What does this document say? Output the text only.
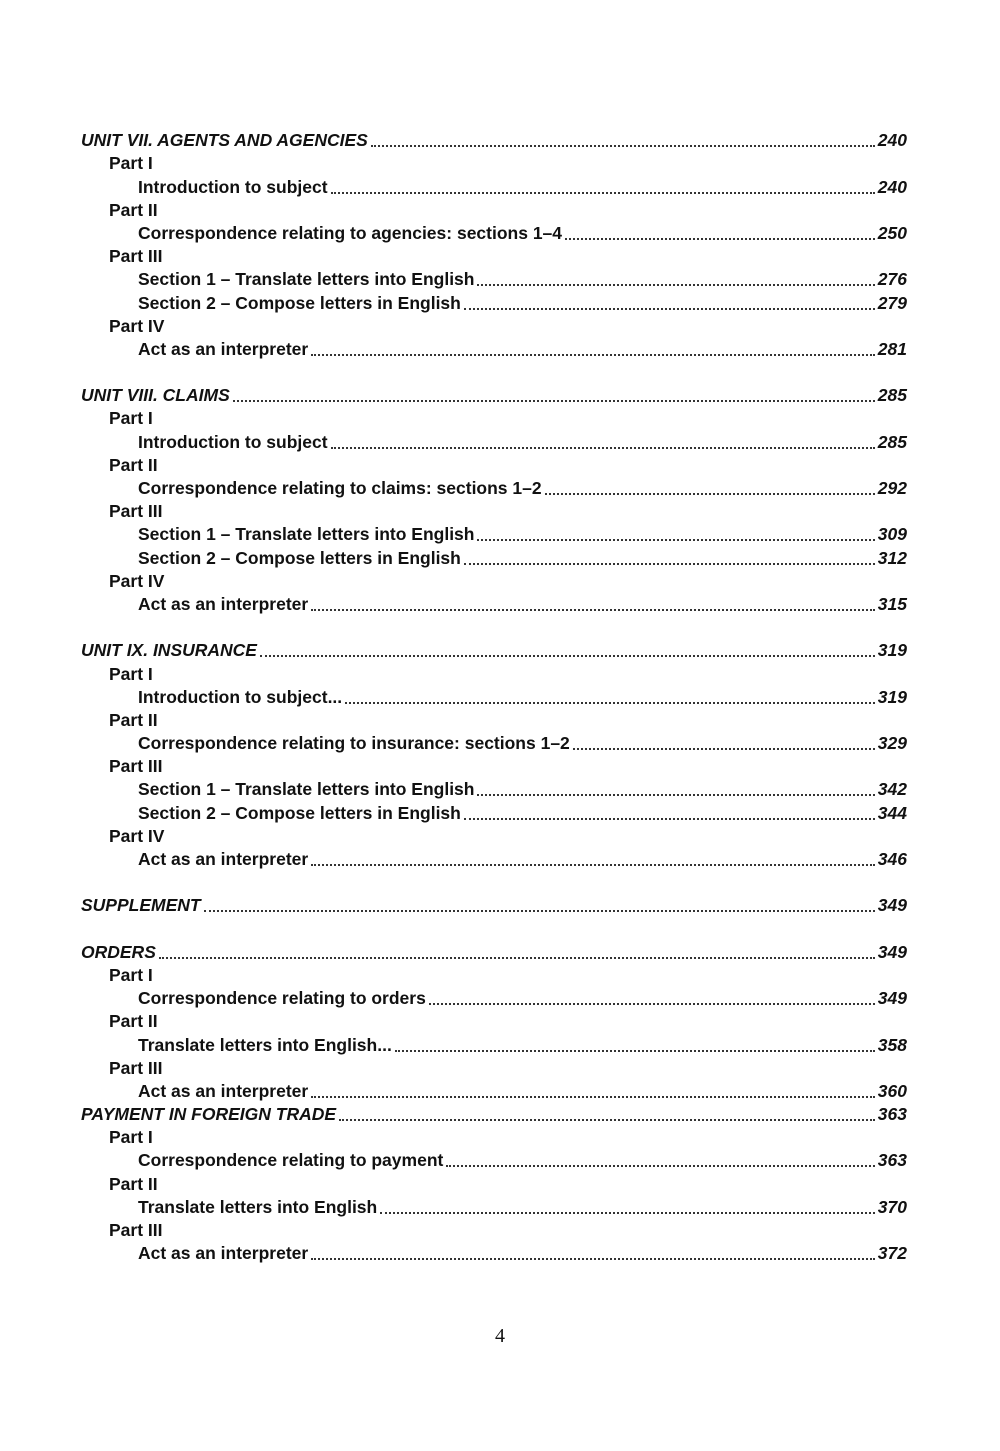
UNIT VII. AGENTS AND AGENCIES	240
Part I
Introduction to subject	240
Part II
Correspondence relating to agencies: sections 1–4	250
Part III
Section 1 – Translate letters into English	276
Section 2 – Compose letters in English	279
Part IV
Act as an interpreter	281
UNIT VIII. CLAIMS	285
Part I
Introduction to subject	285
Part II
Correspondence relating to claims: sections 1–2	292
Part III
Section 1 – Translate letters into English	309
Section 2 – Compose letters in English	312
Part IV
Act as an interpreter	315
UNIT IX. INSURANCE	319
Part I
Introduction to subject...	319
Part II
Correspondence relating to insurance: sections 1–2	329
Part III
Section 1 – Translate letters into English	342
Section 2 – Compose letters in English	344
Part IV
Act as an interpreter	346
SUPPLEMENT	349
ORDERS	349
Part I
Correspondence relating to orders	349
Part II
Translate letters into English...	358
Part III
Act as an interpreter	360
PAYMENT IN FOREIGN TRADE	363
Part I
Correspondence relating to payment	363
Part II
Translate letters into English	370
Part III
Act as an interpreter	372
4
